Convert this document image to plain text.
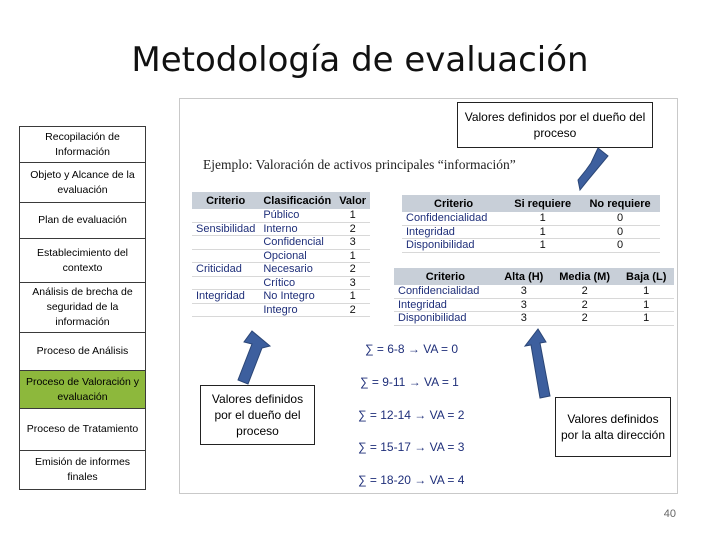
Metodología de evaluación
Recopilación de Información
Objeto y Alcance de la evaluación
Plan de evaluación
Establecimiento del contexto
Análisis de brecha de seguridad de la información
Proceso de Análisis
Proceso de Valoración y evaluación
Proceso de Tratamiento
Emisión de informes finales
Valores definidos por el dueño del proceso
Ejemplo: Valoración de activos principales “información”
Criterio	Clasificación	Valor
	Público	1
Sensibilidad	Interno	2
	Confidencial	3
	Opcional	1
Criticidad	Necesario	2
	Crítico	3
Integridad	No Integro	1
	Integro	2
Criterio	Si requiere	No requiere
Confidencialidad	1	0
Integridad	1	0
Disponibilidad	1	0
Criterio	Alta (H)	Media (M)	Baja (L)
Confidencialidad	3	2	1
Integridad	3	2	1
Disponibilidad	3	2	1
∑ = 6-8 → VA = 0
∑ = 9-11 → VA = 1
∑ = 12-14 → VA = 2
∑ = 15-17 → VA = 3
∑ = 18-20 → VA = 4
Valores definidos por el dueño del proceso
Valores definidos por la alta dirección
40
